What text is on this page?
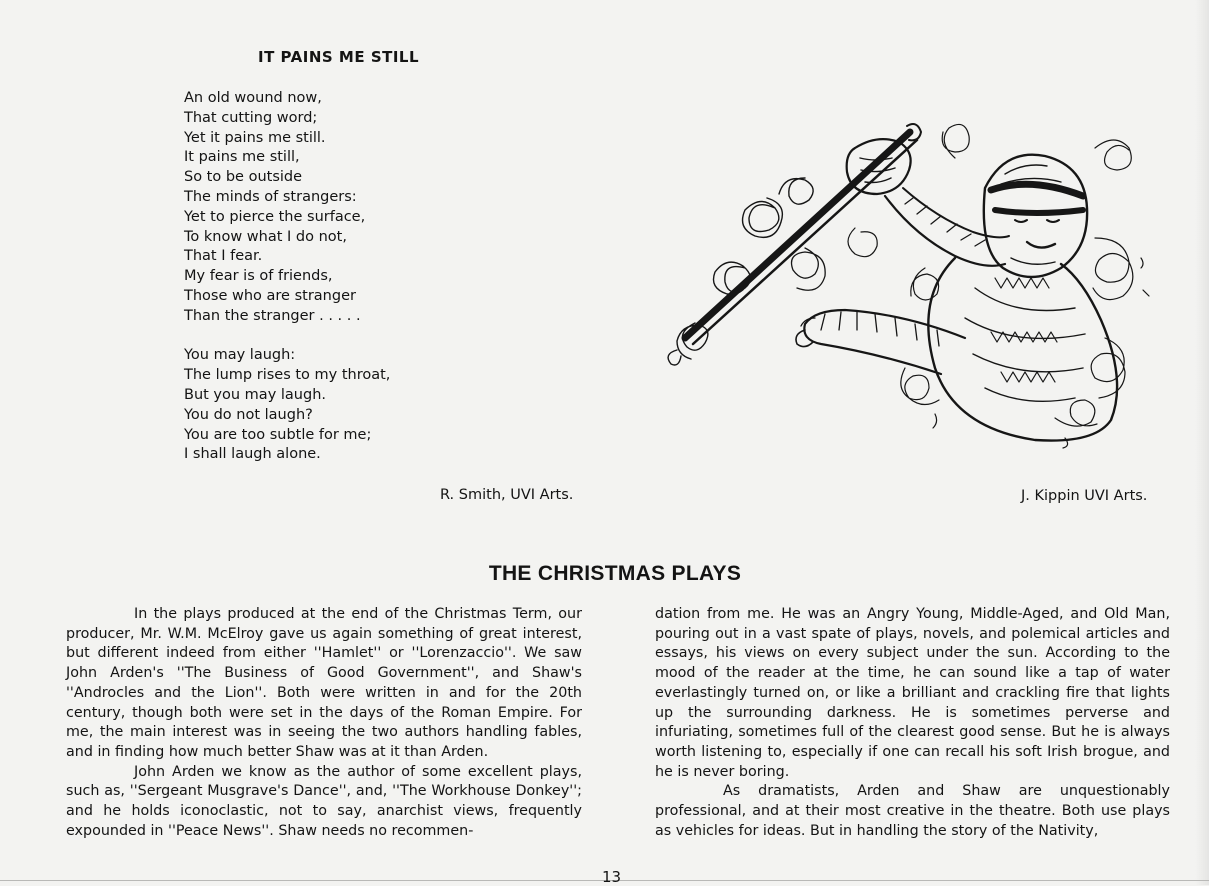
IT PAINS ME STILL
An old wound now,
That cutting word;
Yet it pains me still.
It pains me still,
So to be outside
The minds of strangers:
Yet to pierce the surface,
To know what I do not,
That I fear.
My fear is of friends,
Those who are stranger
Than the stranger . . . . .
You may laugh:
The lump rises to my throat,
But you may laugh.
You do not laugh?
You are too subtle for me;
I shall laugh alone.
R. Smith, UVI Arts.	J. Kippin UVI Arts.
THE CHRISTMAS PLAYS

In the plays produced at the end of the Christmas Term, our producer, Mr. W.M. McElroy gave us again something of great interest, but different indeed from either ''Hamlet'' or ''Lorenzaccio''. We saw John Arden's ''The Business of Good Government'', and Shaw's ''Androcles and the Lion''. Both were written in and for the 20th century, though both were set in the days of the Roman Empire. For me, the main interest was in seeing the two authors handling fables, and in finding how much better Shaw was at it than Arden.

John Arden we know as the author of some excellent plays, such as, ''Sergeant Musgrave's Dance'', and, ''The Workhouse Donkey''; and he holds iconoclastic, not to say, anarchist views, frequently expounded in ''Peace News''. Shaw needs no recommen-

dation from me. He was an Angry Young, Middle-Aged, and Old Man, pouring out in a vast spate of plays, novels, and polemical articles and essays, his views on every subject under the sun. According to the mood of the reader at the time, he can sound like a tap of water everlastingly turned on, or like a brilliant and crackling fire that lights up the surrounding darkness. He is sometimes perverse and infuriating, sometimes full of the clearest good sense. But he is always worth listening to, especially if one can recall his soft Irish brogue, and he is never boring.

As dramatists, Arden and Shaw are unquestionably professional, and at their most creative in the theatre. Both use plays as vehicles for ideas. But in handling the story of the Nativity,

13
